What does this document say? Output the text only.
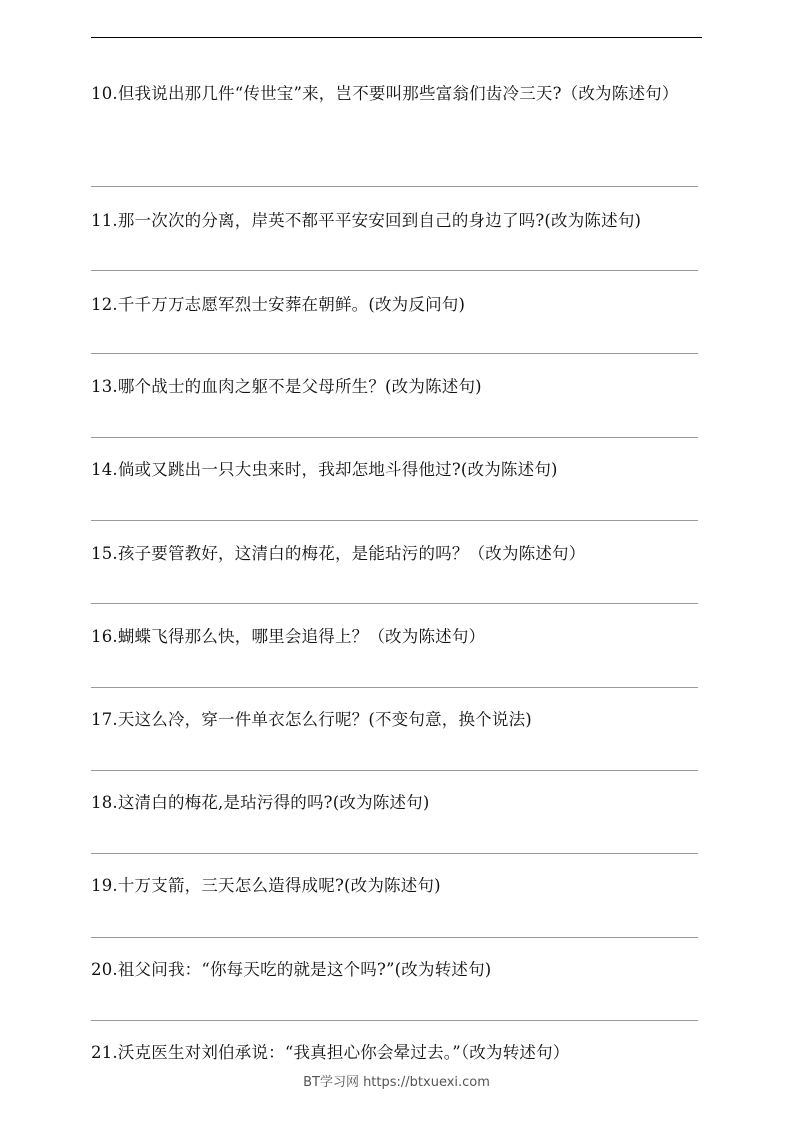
10.但我说出那几件“传世宝”来，岂不要叫那些富翁们齿冷三天?（改为陈述句）
11.那一次次的分离，岸英不都平平安安回到自己的身边了吗?(改为陈述句)
12.千千万万志愿军烈士安葬在朝鲜。(改为反问句)
13.哪个战士的血肉之躯不是父母所生？(改为陈述句)
14.倘或又跳出一只大虫来时，我却怎地斗得他过?(改为陈述句)
15.孩子要管教好，这清白的梅花，是能玷污的吗？（改为陈述句）
16.蝴蝶飞得那么快，哪里会追得上？（改为陈述句）
17.天这么冷，穿一件单衣怎么行呢？(不变句意，换个说法)
18.这清白的梅花,是玷污得的吗?(改为陈述句)
19.十万支箭，三天怎么造得成呢?(改为陈述句)
20.祖父问我：“你每天吃的就是这个吗?”(改为转述句)
21.沃克医生对刘伯承说：“我真担心你会晕过去。”（改为转述句）
BT学习网 https://btxuexi.com
